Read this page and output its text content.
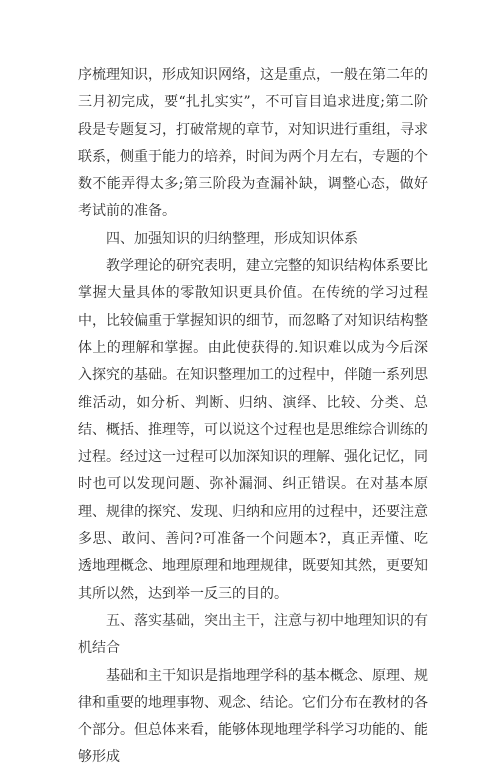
序梳理知识，形成知识网络，这是重点，一般在第二年的三月初完成，要“扎扎实实”，不可盲目追求进度;第二阶段是专题复习，打破常规的章节，对知识进行重组，寻求联系，侧重于能力的培养，时间为两个月左右，专题的个数不能弄得太多;第三阶段为查漏补缺，调整心态，做好考试前的准备。

四、加强知识的归纳整理，形成知识体系

教学理论的研究表明，建立完整的知识结构体系要比掌握大量具体的零散知识更具价值。在传统的学习过程中，比较偏重于掌握知识的细节，而忽略了对知识结构整体上的理解和掌握。由此使获得的.知识难以成为今后深入探究的基础。在知识整理加工的过程中，伴随一系列思维活动，如分析、判断、归纳、演绎、比较、分类、总结、概括、推理等，可以说这个过程也是思维综合训练的过程。经过这一过程可以加深知识的理解、强化记忆，同时也可以发现问题、弥补漏洞、纠正错误。在对基本原理、规律的探究、发现、归纳和应用的过程中，还要注意多思、敢问、善问?可准备一个问题本?，真正弄懂、吃透地理概念、地理原理和地理规律，既要知其然，更要知其所以然，达到举一反三的目的。

五、落实基础，突出主干，注意与初中地理知识的有机结合

基础和主干知识是指地理学科的基本概念、原理、规律和重要的地理事物、观念、结论。它们分布在教材的各个部分。但总体来看，能够体现地理学科学习功能的、能够形成
